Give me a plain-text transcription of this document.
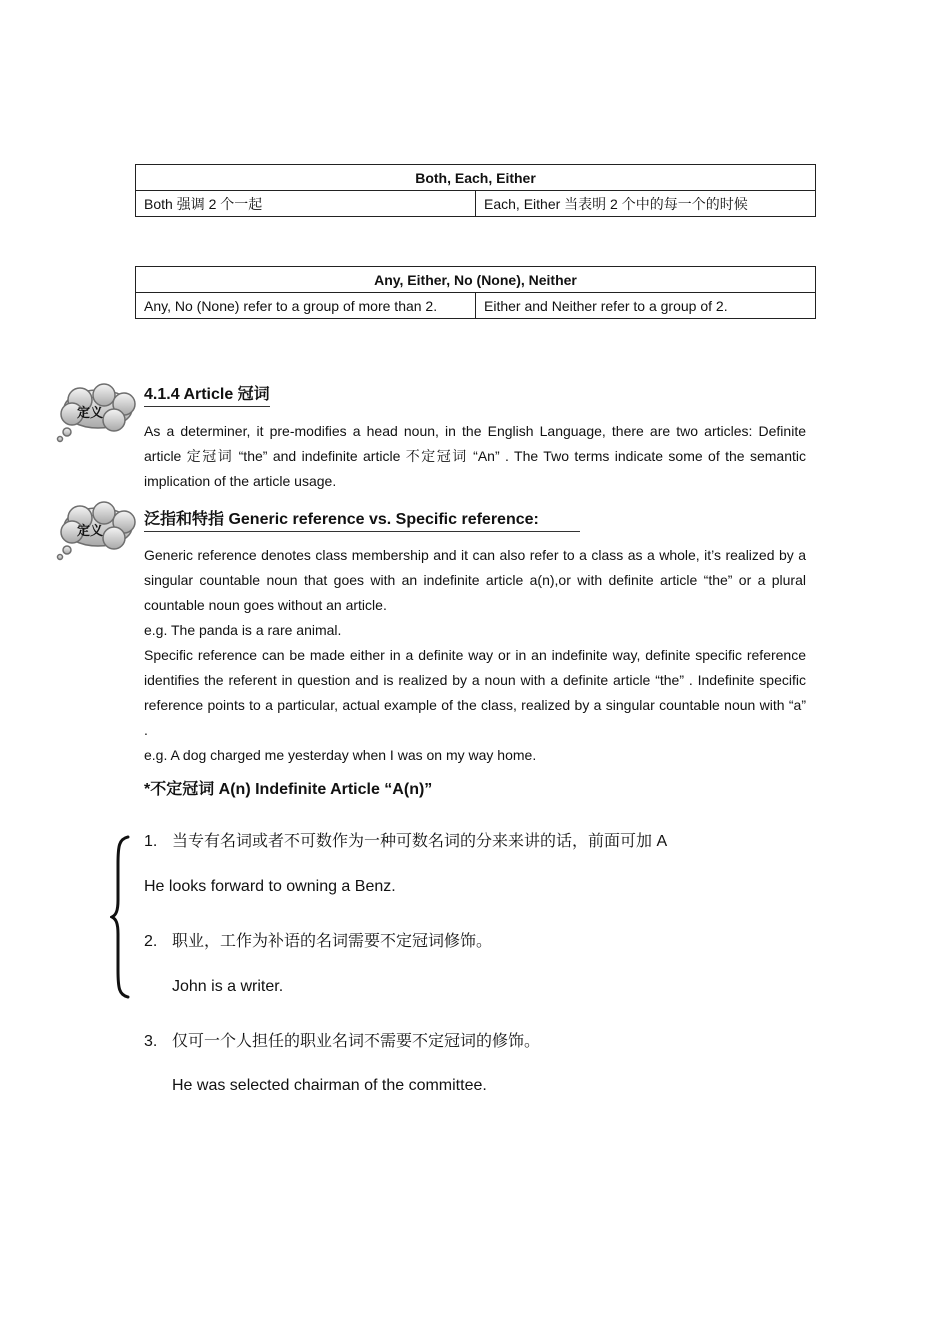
Both, Each, Either
Both 强调 2 个一起	Each, Either 当表明 2 个中的每一个的时候
Any, Either, No (None), Neither
Any, No (None) refer to a group of more than 2.	Either and Neither refer to a group of 2.
定义
4.1.4 Article 冠词
As a determiner, it pre-modifies a head noun, in the English Language, there are two articles: Definite article 定冠词 “the” and indefinite article 不定冠词 “An” . The Two terms indicate some of the semantic implication of the article usage.
定义
泛指和特指 Generic reference vs. Specific reference:
Generic reference denotes class membership and it can also refer to a class as a whole, it’s realized by a singular countable noun that goes with an indefinite article a(n),or with definite article “the” or a plural countable noun goes without an article.
e.g. The panda is a rare animal.
Specific reference can be made either in a definite way or in an indefinite way, definite specific reference identifies the referent in question and is realized by a noun with a definite article “the” . Indefinite specific reference points to a particular, actual example of the class, realized by a singular countable noun with “a” .
e.g. A dog charged me yesterday when I was on my way home.
*不定冠词 A(n) Indefinite Article “A(n)”
1. 当专有名词或者不可数作为一种可数名词的分来来讲的话，前面可加 A
He looks forward to owning a Benz.
2. 职业，工作为补语的名词需要不定冠词修饰。
John is a writer.
3. 仅可一个人担任的职业名词不需要不定冠词的修饰。
He was selected chairman of the committee.
